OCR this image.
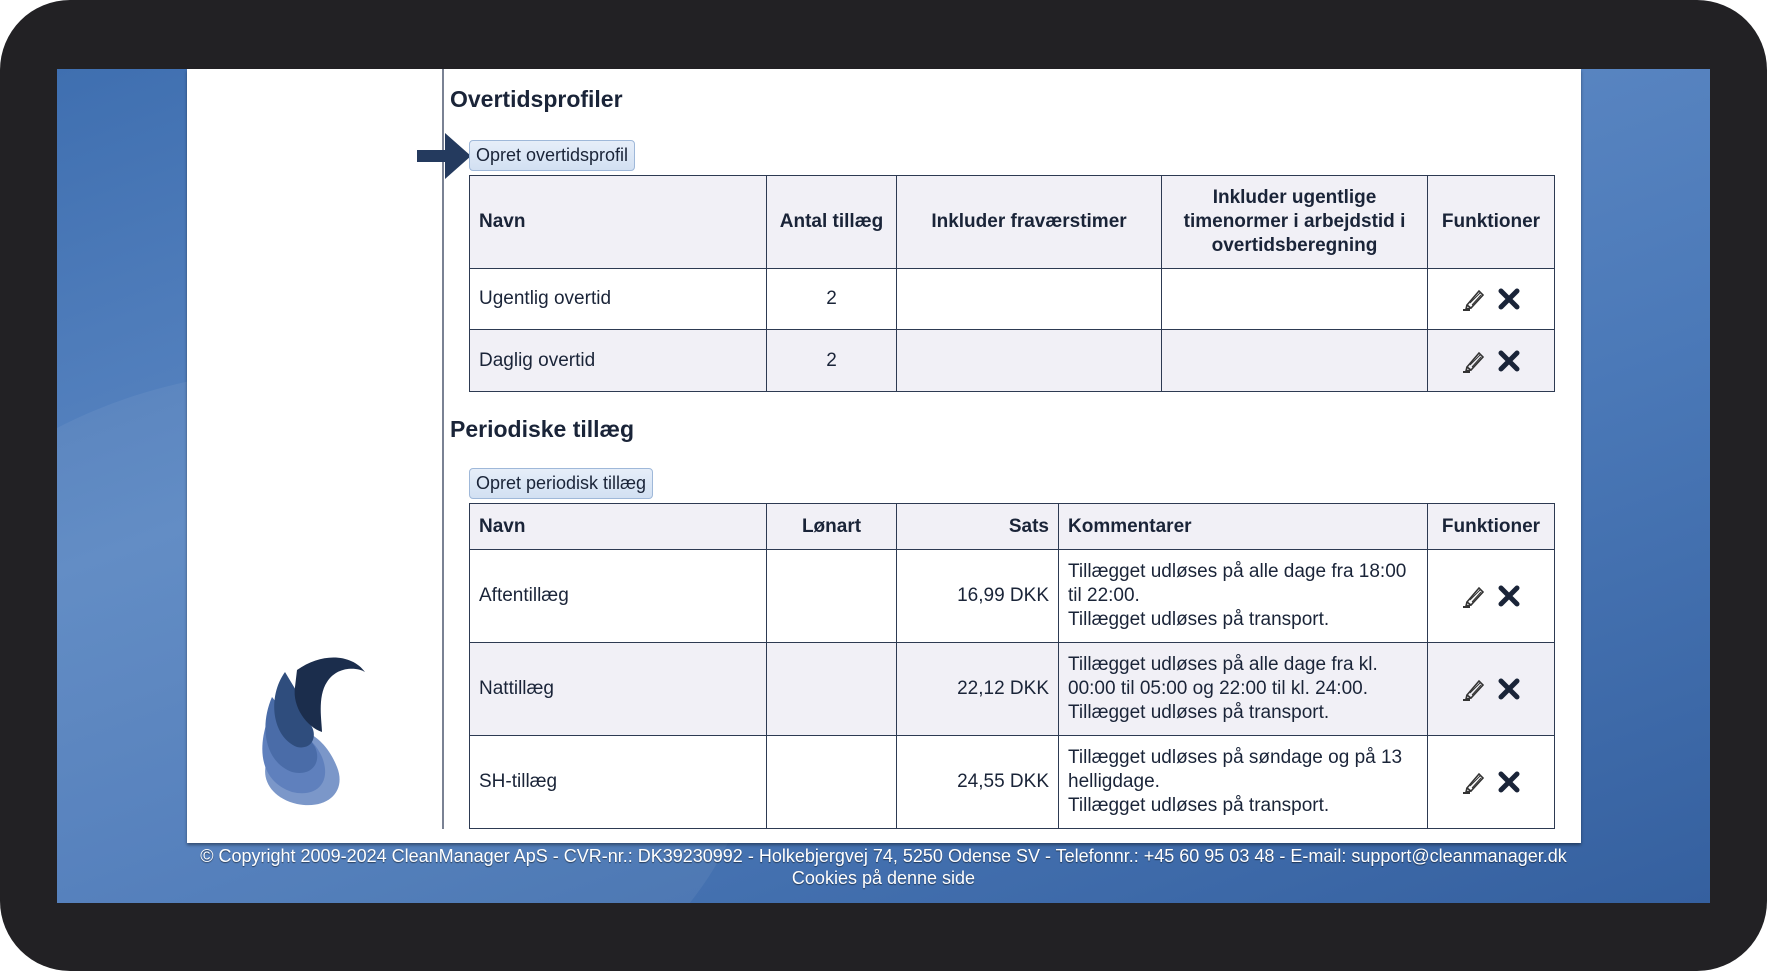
Overtidsprofiler
Opret overtidsprofil
Navn	Antal tillæg	Inkluder fraværstimer	Inkluder ugentlige timenormer i arbejdstid i overtidsberegning	Funktioner
Ugentlig overtid	2			
Daglig overtid	2			
Periodiske tillæg
Opret periodisk tillæg
Navn	Lønart	Sats	Kommentarer	Funktioner
Aftentillæg		16,99 DKK	Tillægget udløses på alle dage fra 18:00 til 22:00.
Tillægget udløses på transport.

Nattillæg		22,12 DKK	Tillægget udløses på alle dage fra kl. 00:00 til 05:00 og 22:00 til kl. 24:00.
Tillægget udløses på transport.

SH-tillæg		24,55 DKK	Tillægget udløses på søndage og på 13 helligdage.
Tillægget udløses på transport.

© Copyright 2009-2024 CleanManager ApS - CVR-nr.: DK39230992 - Holkebjergvej 74, 5250 Odense SV - Telefonnr.: +45 60 95 03 48 - E-mail: support@cleanmanager.dk
Cookies på denne side
